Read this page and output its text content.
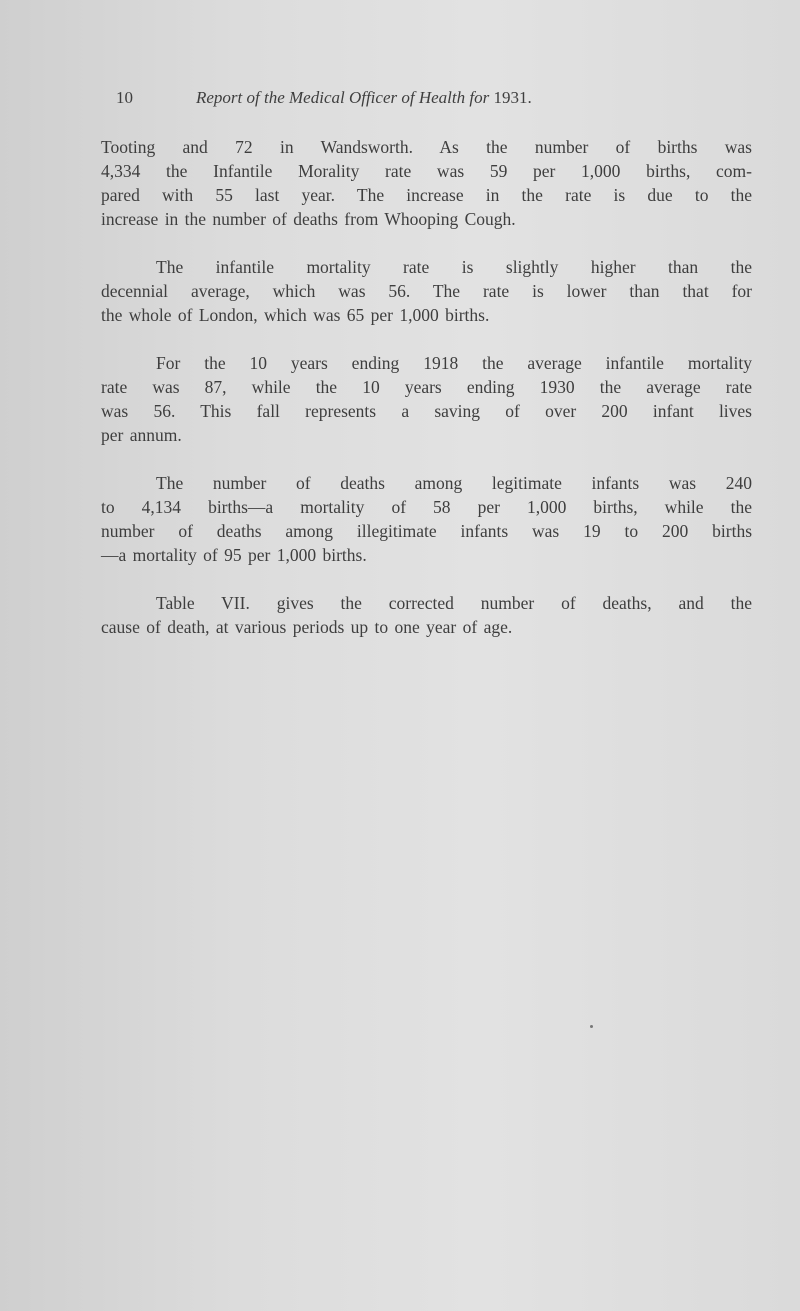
10	Report of the Medical Officer of Health for 1931.
Tooting and 72 in Wandsworth. As the number of births was
4,334 the Infantile Morality rate was 59 per 1,000 births, com-
pared with 55 last year. The increase in the rate is due to the
increase in the number of deaths from Whooping Cough.
The infantile mortality rate is slightly higher than the
decennial average, which was 56. The rate is lower than that for
the whole of London, which was 65 per 1,000 births.
For the 10 years ending 1918 the average infantile mortality
rate was 87, while the 10 years ending 1930 the average rate
was 56. This fall represents a saving of over 200 infant lives
per annum.
The number of deaths among legitimate infants was 240
to 4,134 births—a mortality of 58 per 1,000 births, while the
number of deaths among illegitimate infants was 19 to 200 births
—a mortality of 95 per 1,000 births.
Table VII. gives the corrected number of deaths, and the
cause of death, at various periods up to one year of age.
